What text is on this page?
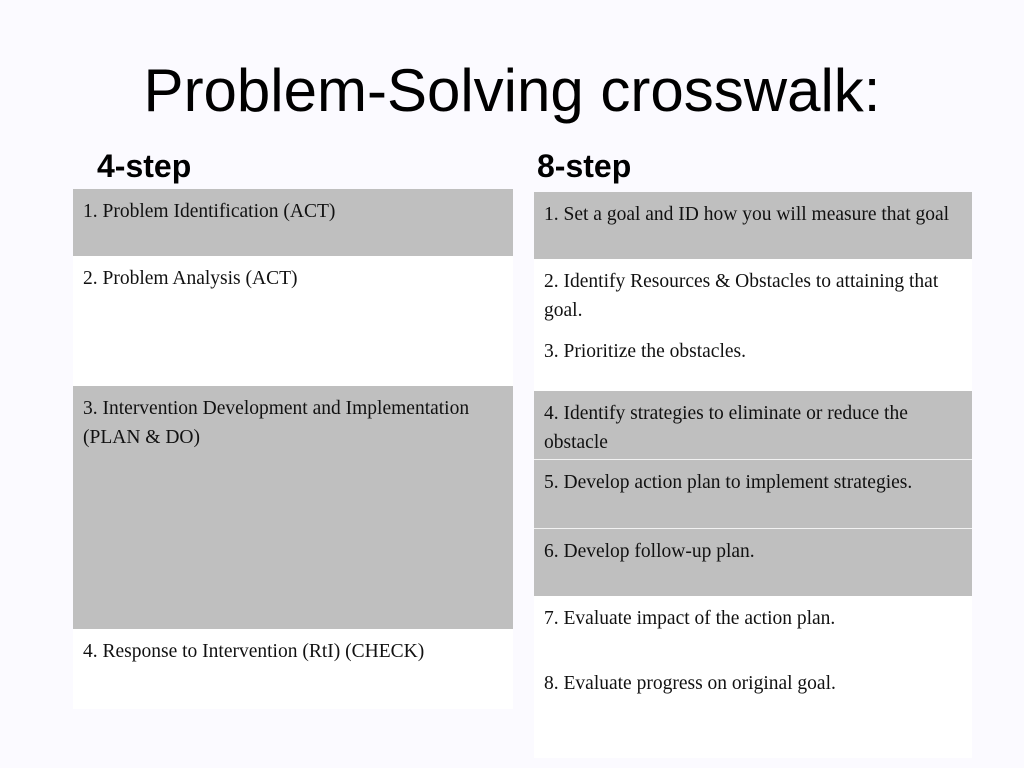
Problem-Solving crosswalk:
4-step	8-step
1. Problem Identification (ACT)
2. Problem Analysis (ACT)
3. Intervention Development and Implementation (PLAN & DO)
4. Response to Intervention (RtI) (CHECK)
1. Set a goal and ID how you will measure that goal
2. Identify Resources & Obstacles to attaining that goal.
3. Prioritize the obstacles.
4. Identify strategies to eliminate or reduce the obstacle
5. Develop action plan to implement strategies.
6. Develop follow-up plan.
7. Evaluate impact of the action plan.
8. Evaluate progress on original goal.
